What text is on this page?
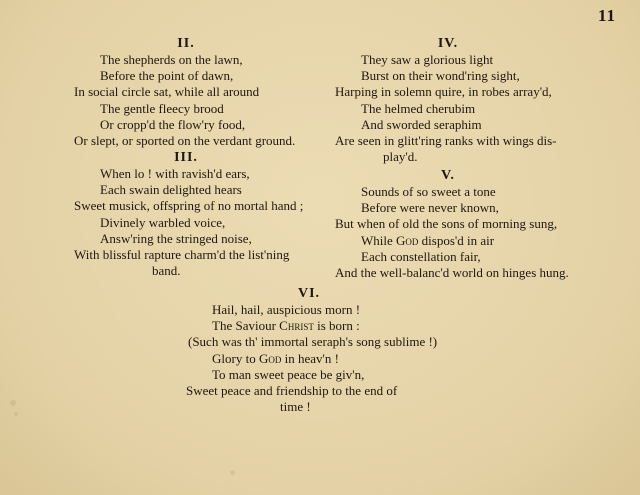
11
II.
The shepherds on the lawn,
Before the point of dawn,
In social circle sat, while all around
The gentle fleecy brood
Or cropp'd the flow'ry food,
Or slept, or sported on the verdant ground.
III.
When lo ! with ravish'd ears,
Each swain delighted hears
Sweet musick, offspring of no mortal hand ;
Divinely warbled voice,
Answ'ring the stringed noise,
With blissful rapture charm'd the list'ning
band.
IV.
They saw a glorious light
Burst on their wond'ring sight,
Harping in solemn quire, in robes array'd,
The helmed cherubim
And sworded seraphim
Are seen in glitt'ring ranks with wings dis-
play'd.
V.
Sounds of so sweet a tone
Before were never known,
But when of old the sons of morning sung,
While God dispos'd in air
Each constellation fair,
And the well-balanc'd world on hinges hung.
VI.
Hail, hail, auspicious morn !
The Saviour Christ is born :
(Such was th' immortal seraph's song sublime !)
Glory to God in heav'n !
To man sweet peace be giv'n,
Sweet peace and friendship to the end of
time !
